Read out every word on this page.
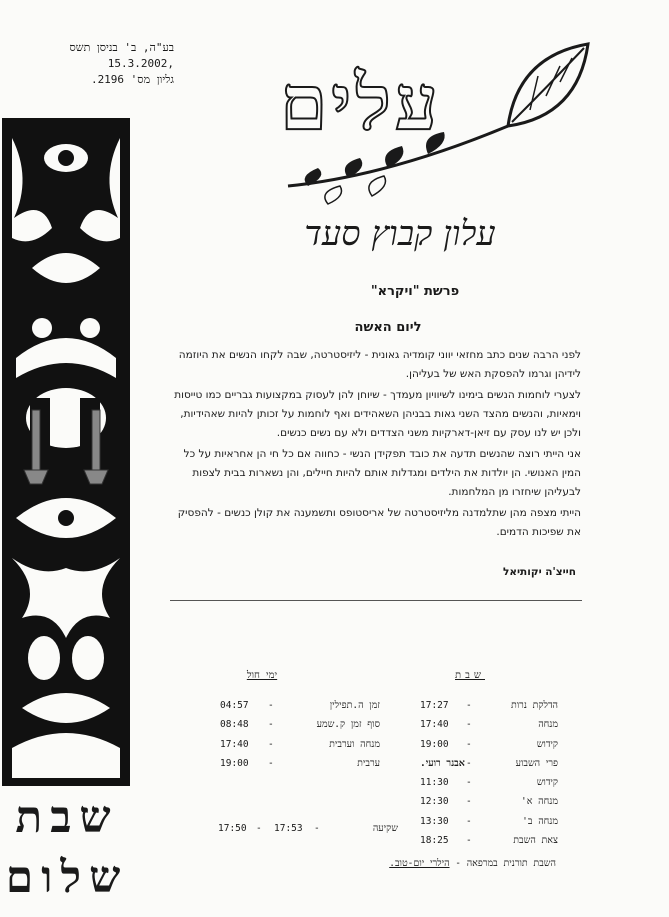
בע"ה, ב' בניסן תשס
,15.3.2002
גליון מס' 2196.
שבת
שלום
עלים
עלון קבוץ סעד
פרשת "ויקרא"
ליום האשה

לפני הרבה שנים כתב מחזאי יווני קומדיה גאונית - ליזיסטרטה, שבה לקחו הנשים את היוזמה לידיהן וגרמו להפסקת האש של בעליהן.

לצערי לוחמות הנשים בימינו לשיוויון מעמדך - שיוחן להן לעסוק במקצועות גבריים כמו טייסות וימאיות, והנשים מהצד השני גאות בבניהן השאהידים ואף לוחמות על זכותן להיות שאהידיות, ולכן יש לנו עסק עם זיאן-דארקיות משני הצדדים ולא עם נשים כנשים.

אני הייתי רוצה שהנשים תדעה את כובד תפקידן הנשי - כחווה אם כל חי הן אחראיות על כל המין האנושי. הן יולדות את הילדים ומגדלות אותם להיות חיילים, והן נשארות בבית לצפות לבעליהן שיחזרו מן המלחמות.

הייתי מצפה מהן שתלמדנה מליזיסטרטה של אריסטופס ותשמענה את קולן כנשים - להפסיק את שפיכות הדמים.

חייצ'ה יקותיאל
שבת
ימי חול
17:27 -	הדלקת נרות
17:40 -	מנחה
19:00 -	קידוש
אבנר רועי. -	פרי השבוע
11:30 -	קידוש
12:30 -	מנחה א'
13:30 -	מנחה ב'
18:25 -	צאת השבת
04:57 -	זמן ה.תפילין
08:48 -	סוף זמן ק.שמע
17:40 -	מנחה וערבית
19:00 -	ערבית
17:50 - 17:53 -	שקיעה
השבת תורנית במרפאה - הילרי יום-טוב.
